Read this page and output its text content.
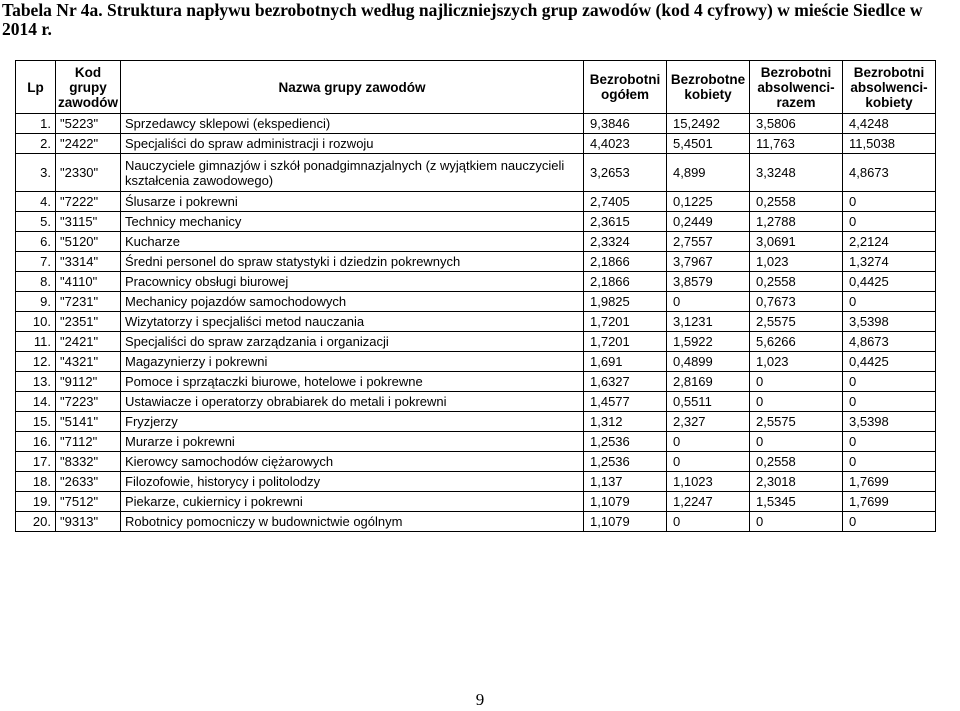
Tabela Nr 4a. Struktura napływu bezrobotnych według najliczniejszych grup zawodów (kod 4 cyfrowy) w mieście Siedlce w 2014 r.

Lp	Kod grupy zawodów	Nazwa grupy zawodów	Bezrobotni ogółem	Bezrobotne kobiety	Bezrobotni absolwenci-razem	Bezrobotni absolwenci-kobiety
1.	"5223"	Sprzedawcy sklepowi (ekspedienci)	9,3846	15,2492	3,5806	4,4248
2.	"2422"	Specjaliści do spraw administracji i rozwoju	4,4023	5,4501	11,763	11,5038
3.	"2330"	Nauczyciele gimnazjów i szkół ponadgimnazjalnych (z wyjątkiem nauczycieli kształcenia zawodowego)	3,2653	4,899	3,3248	4,8673
4.	"7222"	Ślusarze i pokrewni	2,7405	0,1225	0,2558	0
5.	"3115"	Technicy mechanicy	2,3615	0,2449	1,2788	0
6.	"5120"	Kucharze	2,3324	2,7557	3,0691	2,2124
7.	"3314"	Średni personel do spraw statystyki i dziedzin pokrewnych	2,1866	3,7967	1,023	1,3274
8.	"4110"	Pracownicy obsługi biurowej	2,1866	3,8579	0,2558	0,4425
9.	"7231"	Mechanicy pojazdów samochodowych	1,9825	0	0,7673	0
10.	"2351"	Wizytatorzy i specjaliści metod nauczania	1,7201	3,1231	2,5575	3,5398
11.	"2421"	Specjaliści do spraw zarządzania i organizacji	1,7201	1,5922	5,6266	4,8673
12.	"4321"	Magazynierzy i pokrewni	1,691	0,4899	1,023	0,4425
13.	"9112"	Pomoce i sprzątaczki biurowe, hotelowe i pokrewne	1,6327	2,8169	0	0
14.	"7223"	Ustawiacze i operatorzy obrabiarek do metali i pokrewni	1,4577	0,5511	0	0
15.	"5141"	Fryzjerzy	1,312	2,327	2,5575	3,5398
16.	"7112"	Murarze i pokrewni	1,2536	0	0	0
17.	"8332"	Kierowcy samochodów ciężarowych	1,2536	0	0,2558	0
18.	"2633"	Filozofowie, historycy i politolodzy	1,137	1,1023	2,3018	1,7699
19.	"7512"	Piekarze, cukiernicy i pokrewni	1,1079	1,2247	1,5345	1,7699
20.	"9313"	Robotnicy pomocniczy w budownictwie ogólnym	1,1079	0	0	0
9
